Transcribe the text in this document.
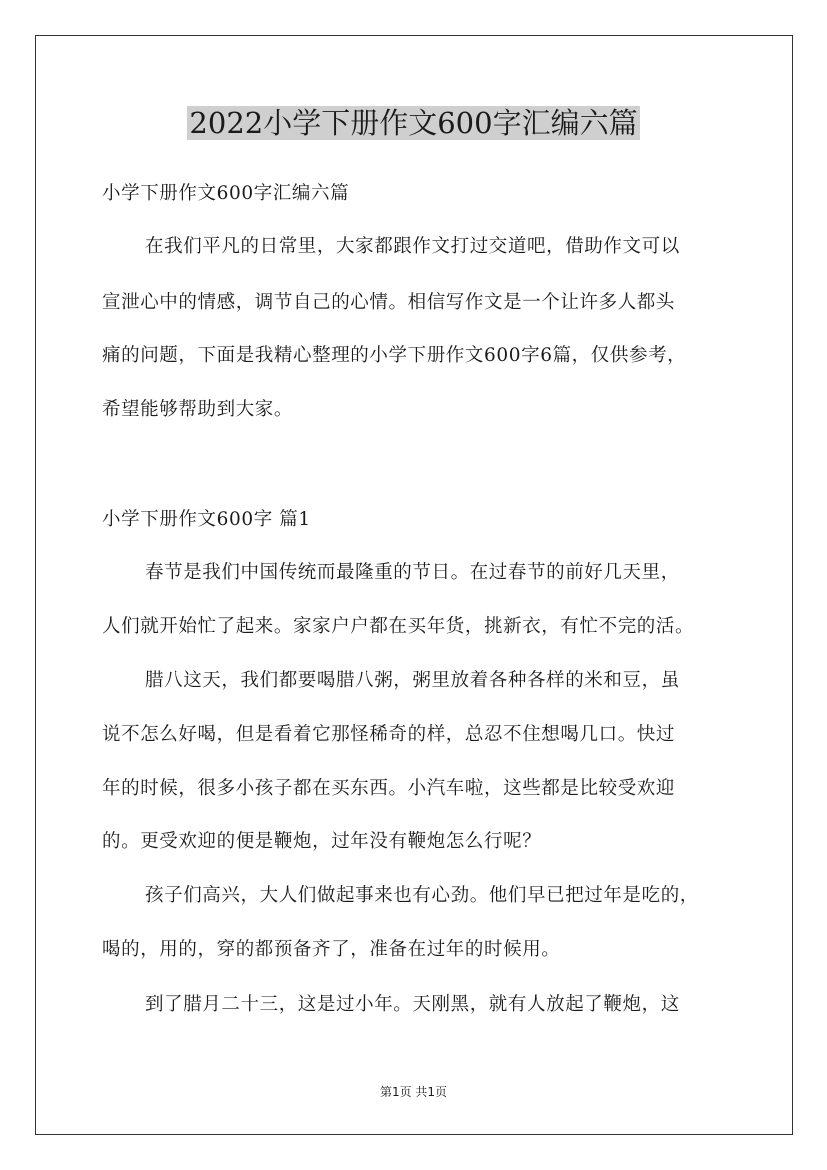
2022小学下册作文600字汇编六篇
小学下册作文600字汇编六篇
在我们平凡的日常里，大家都跟作文打过交道吧，借助作文可以
宣泄心中的情感，调节自己的心情。相信写作文是一个让许多人都头
痛的问题，下面是我精心整理的小学下册作文600字6篇，仅供参考，
希望能够帮助到大家。
小学下册作文600字 篇1
春节是我们中国传统而最隆重的节日。在过春节的前好几天里，
人们就开始忙了起来。家家户户都在买年货，挑新衣，有忙不完的活。
腊八这天，我们都要喝腊八粥，粥里放着各种各样的米和豆，虽
说不怎么好喝，但是看着它那怪稀奇的样，总忍不住想喝几口。快过
年的时候，很多小孩子都在买东西。小汽车啦，这些都是比较受欢迎
的。更受欢迎的便是鞭炮，过年没有鞭炮怎么行呢？
孩子们高兴，大人们做起事来也有心劲。他们早已把过年是吃的，
喝的，用的，穿的都预备齐了，准备在过年的时候用。
到了腊月二十三，这是过小年。天刚黑，就有人放起了鞭炮，这
第1页 共1页
